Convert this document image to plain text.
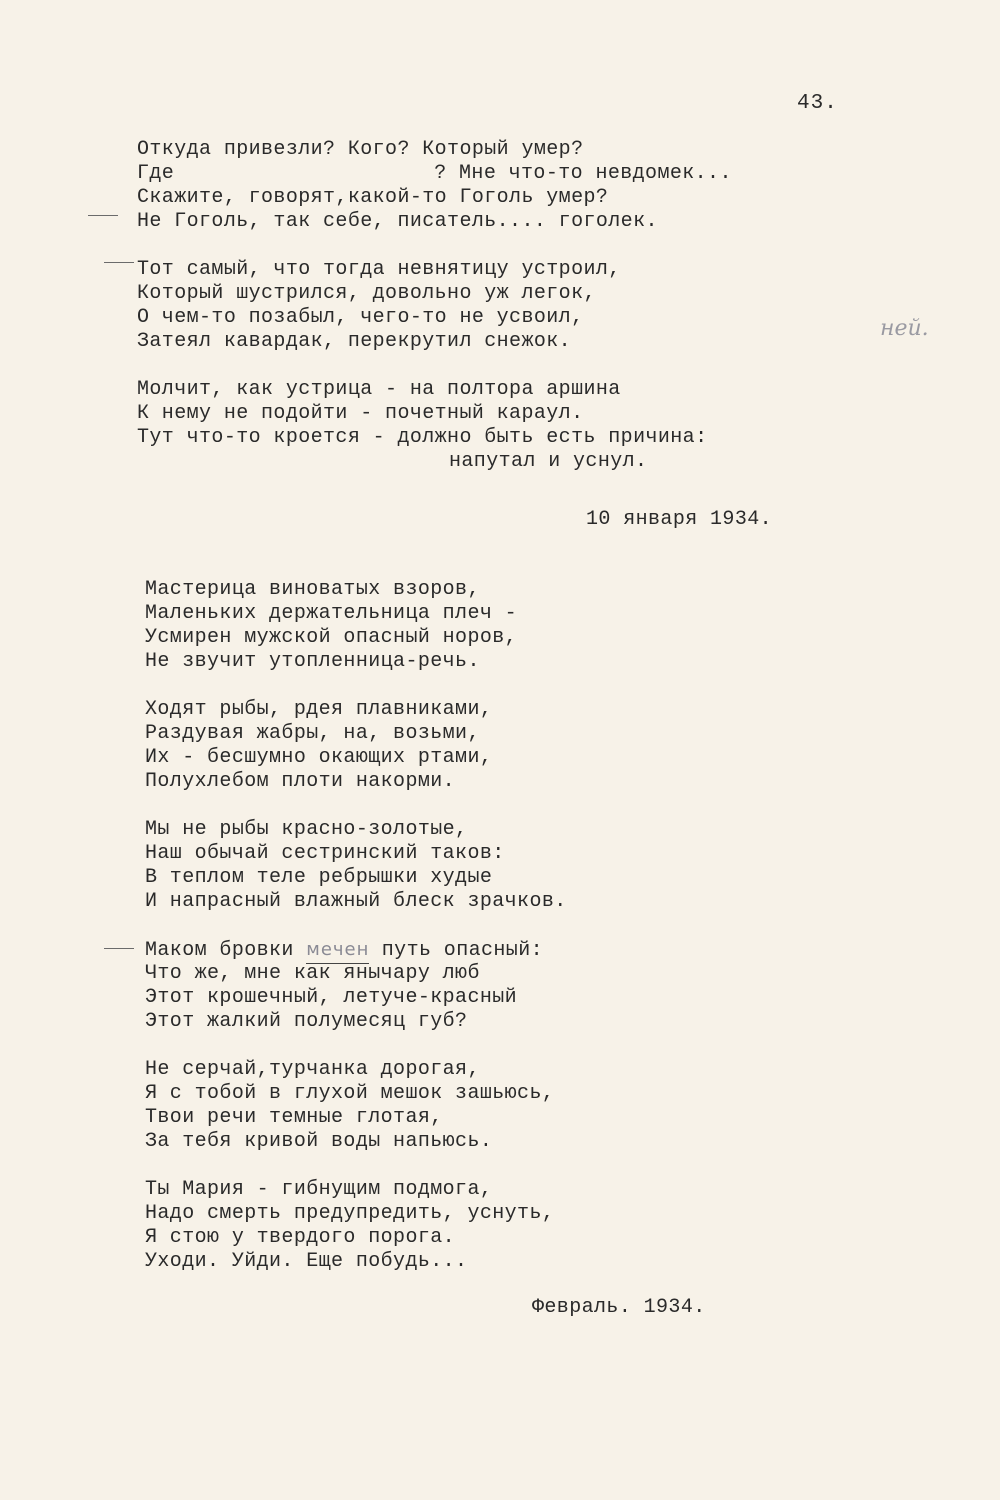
43.
Откуда привезли? Кого? Который умер?
Где	? Мне что-то невдомек...
Скажите, говорят,какой-то Гоголь умер?
Не Гоголь, так себе, писатель.... гоголек.
Тот самый, что тогда невнятицу устроил,
Который шустрился, довольно уж легок,
О чем-то позабыл, чего-то не усвоил,
Затеял кавардак, перекрутил снежок.
Молчит, как устрица - на полтора аршина
К нему не подойти - почетный караул.
Тут что-то кроется - должно быть есть причина:
напутал и уснул.
10 января 1934.
Мастерица виноватых взоров,
Маленьких держательница плеч -
Усмирен мужской опасный норов,
Не звучит утопленница-речь.
Ходят рыбы, рдея плавниками,
Раздувая жабры, на, возьми,
Их - бесшумно окающих ртами,
Полухлебом плоти накорми.
Мы не рыбы красно-золотые,
Наш обычай сестринский таков:
В теплом теле ребрышки худые
И напрасный влажный блеск зрачков.
Маком бровки мечен путь опасный:
Что же, мне как янычару люб
Этот крошечный, летуче-красный
Этот жалкий полумесяц губ?
Не серчай,турчанка дорогая,
Я с тобой в глухой мешок зашьюсь,
Твои речи темные глотая,
За тебя кривой воды напьюсь.
Ты Мария - гибнущим подмога,
Надо смерть предупредить, уснуть,
Я стою у твердого порога.
Уходи. Уйди. Еще побудь...
Февраль. 1934.
ней.
